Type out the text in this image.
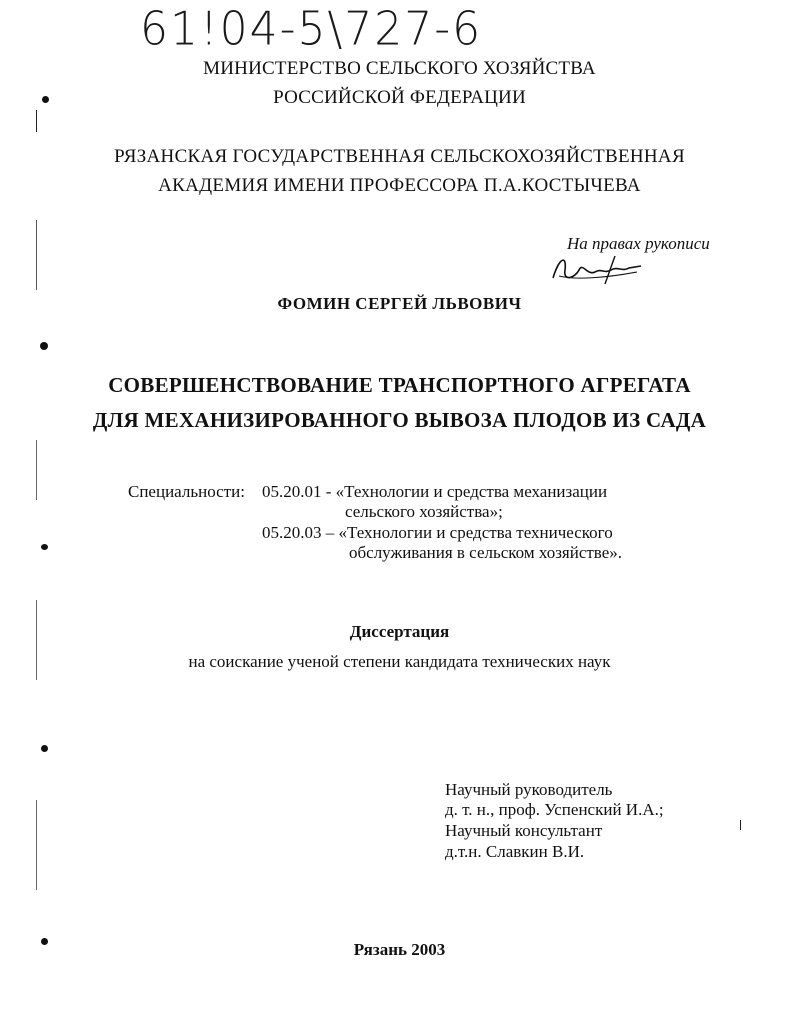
61!04-5\727-6
МИНИСТЕРСТВО СЕЛЬСКОГО ХОЗЯЙСТВА
РОССИЙСКОЙ ФЕДЕРАЦИИ
РЯЗАНСКАЯ ГОСУДАРСТВЕННАЯ СЕЛЬСКОХОЗЯЙСТВЕННАЯ
АКАДЕМИЯ ИМЕНИ ПРОФЕССОРА П.А.КОСТЫЧЕВА
На правах рукописи
ФОМИН СЕРГЕЙ ЛЬВОВИЧ
СОВЕРШЕНСТВОВАНИЕ ТРАНСПОРТНОГО АГРЕГАТА
ДЛЯ МЕХАНИЗИРОВАННОГО ВЫВОЗА ПЛОДОВ ИЗ САДА
Специальности: 05.20.01 - «Технологии и средства механизации
сельского хозяйства»;
05.20.03 – «Технологии и средства технического
обслуживания в сельском хозяйстве».
Диссертация
на соискание ученой степени кандидата технических наук
Научный руководитель
д. т. н., проф. Успенский И.А.;
Научный консультант
д.т.н. Славкин В.И.
Рязань 2003
